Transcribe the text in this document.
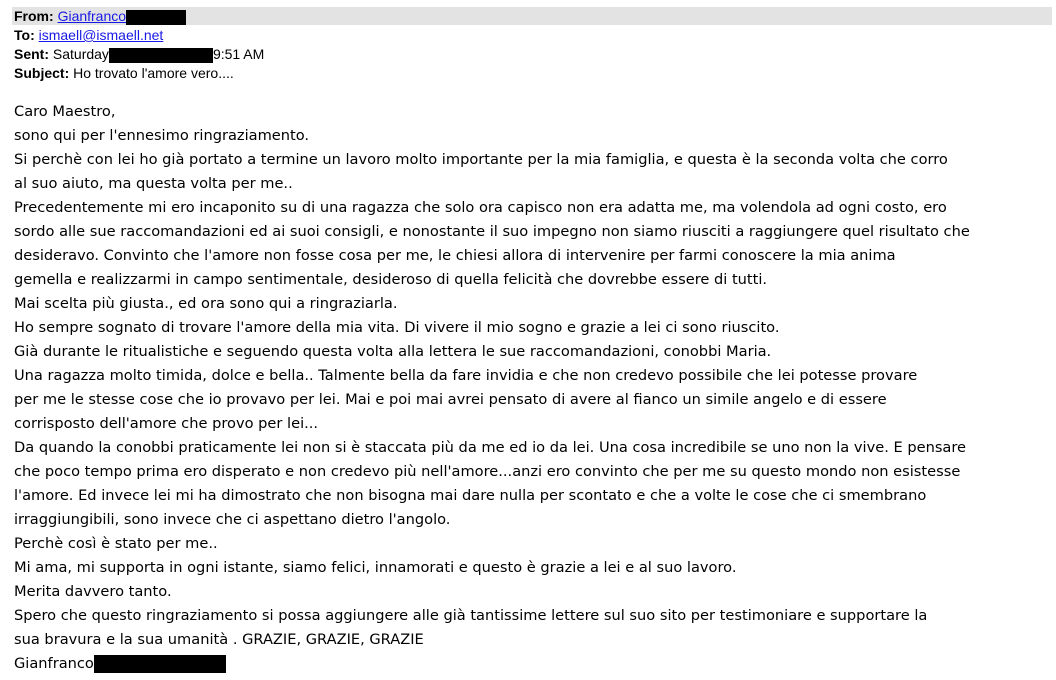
From: Gianfranco
To: ismaell@ismaell.net
Sent: Saturday	9:51 AM
Subject: Ho trovato l'amore vero....
Caro Maestro,
sono qui per l'ennesimo ringraziamento.
Si perchè con lei ho già portato a termine un lavoro molto importante per la mia famiglia, e questa è la seconda volta che corro
al suo aiuto, ma questa volta per me..
Precedentemente mi ero incaponito su di una ragazza che solo ora capisco non era adatta me, ma volendola ad ogni costo, ero
sordo alle sue raccomandazioni ed ai suoi consigli, e nonostante il suo impegno non siamo riusciti a raggiungere quel risultato che
desideravo. Convinto che l'amore non fosse cosa per me, le chiesi allora di intervenire per farmi conoscere la mia anima
gemella e realizzarmi in campo sentimentale, desideroso di quella felicità che dovrebbe essere di tutti.
Mai scelta più giusta., ed ora sono qui a ringraziarla.
Ho sempre sognato di trovare l'amore della mia vita. Di vivere il mio sogno e grazie a lei ci sono riuscito.
Già durante le ritualistiche e seguendo questa volta alla lettera le sue raccomandazioni, conobbi Maria.
Una ragazza molto timida, dolce e bella.. Talmente bella da fare invidia e che non credevo possibile che lei potesse provare
per me le stesse cose che io provavo per lei. Mai e poi mai avrei pensato di avere al fianco un simile angelo e di essere
corrisposto dell'amore che provo per lei...
Da quando la conobbi praticamente lei non si è staccata più da me ed io da lei. Una cosa incredibile se uno non la vive. E pensare
che poco tempo prima ero disperato e non credevo più nell'amore...anzi ero convinto che per me su questo mondo non esistesse
l'amore. Ed invece lei mi ha dimostrato che non bisogna mai dare nulla per scontato e che a volte le cose che ci smembrano
irraggiungibili, sono invece che ci aspettano dietro l'angolo.
Perchè così è stato per me..
Mi ama, mi supporta in ogni istante, siamo felici, innamorati e questo è grazie a lei e al suo lavoro.
Merita davvero tanto.
Spero che questo ringraziamento si possa aggiungere alle già tantissime lettere sul suo sito per testimoniare e supportare la
sua bravura e la sua umanità . GRAZIE, GRAZIE, GRAZIE
Gianfranco
